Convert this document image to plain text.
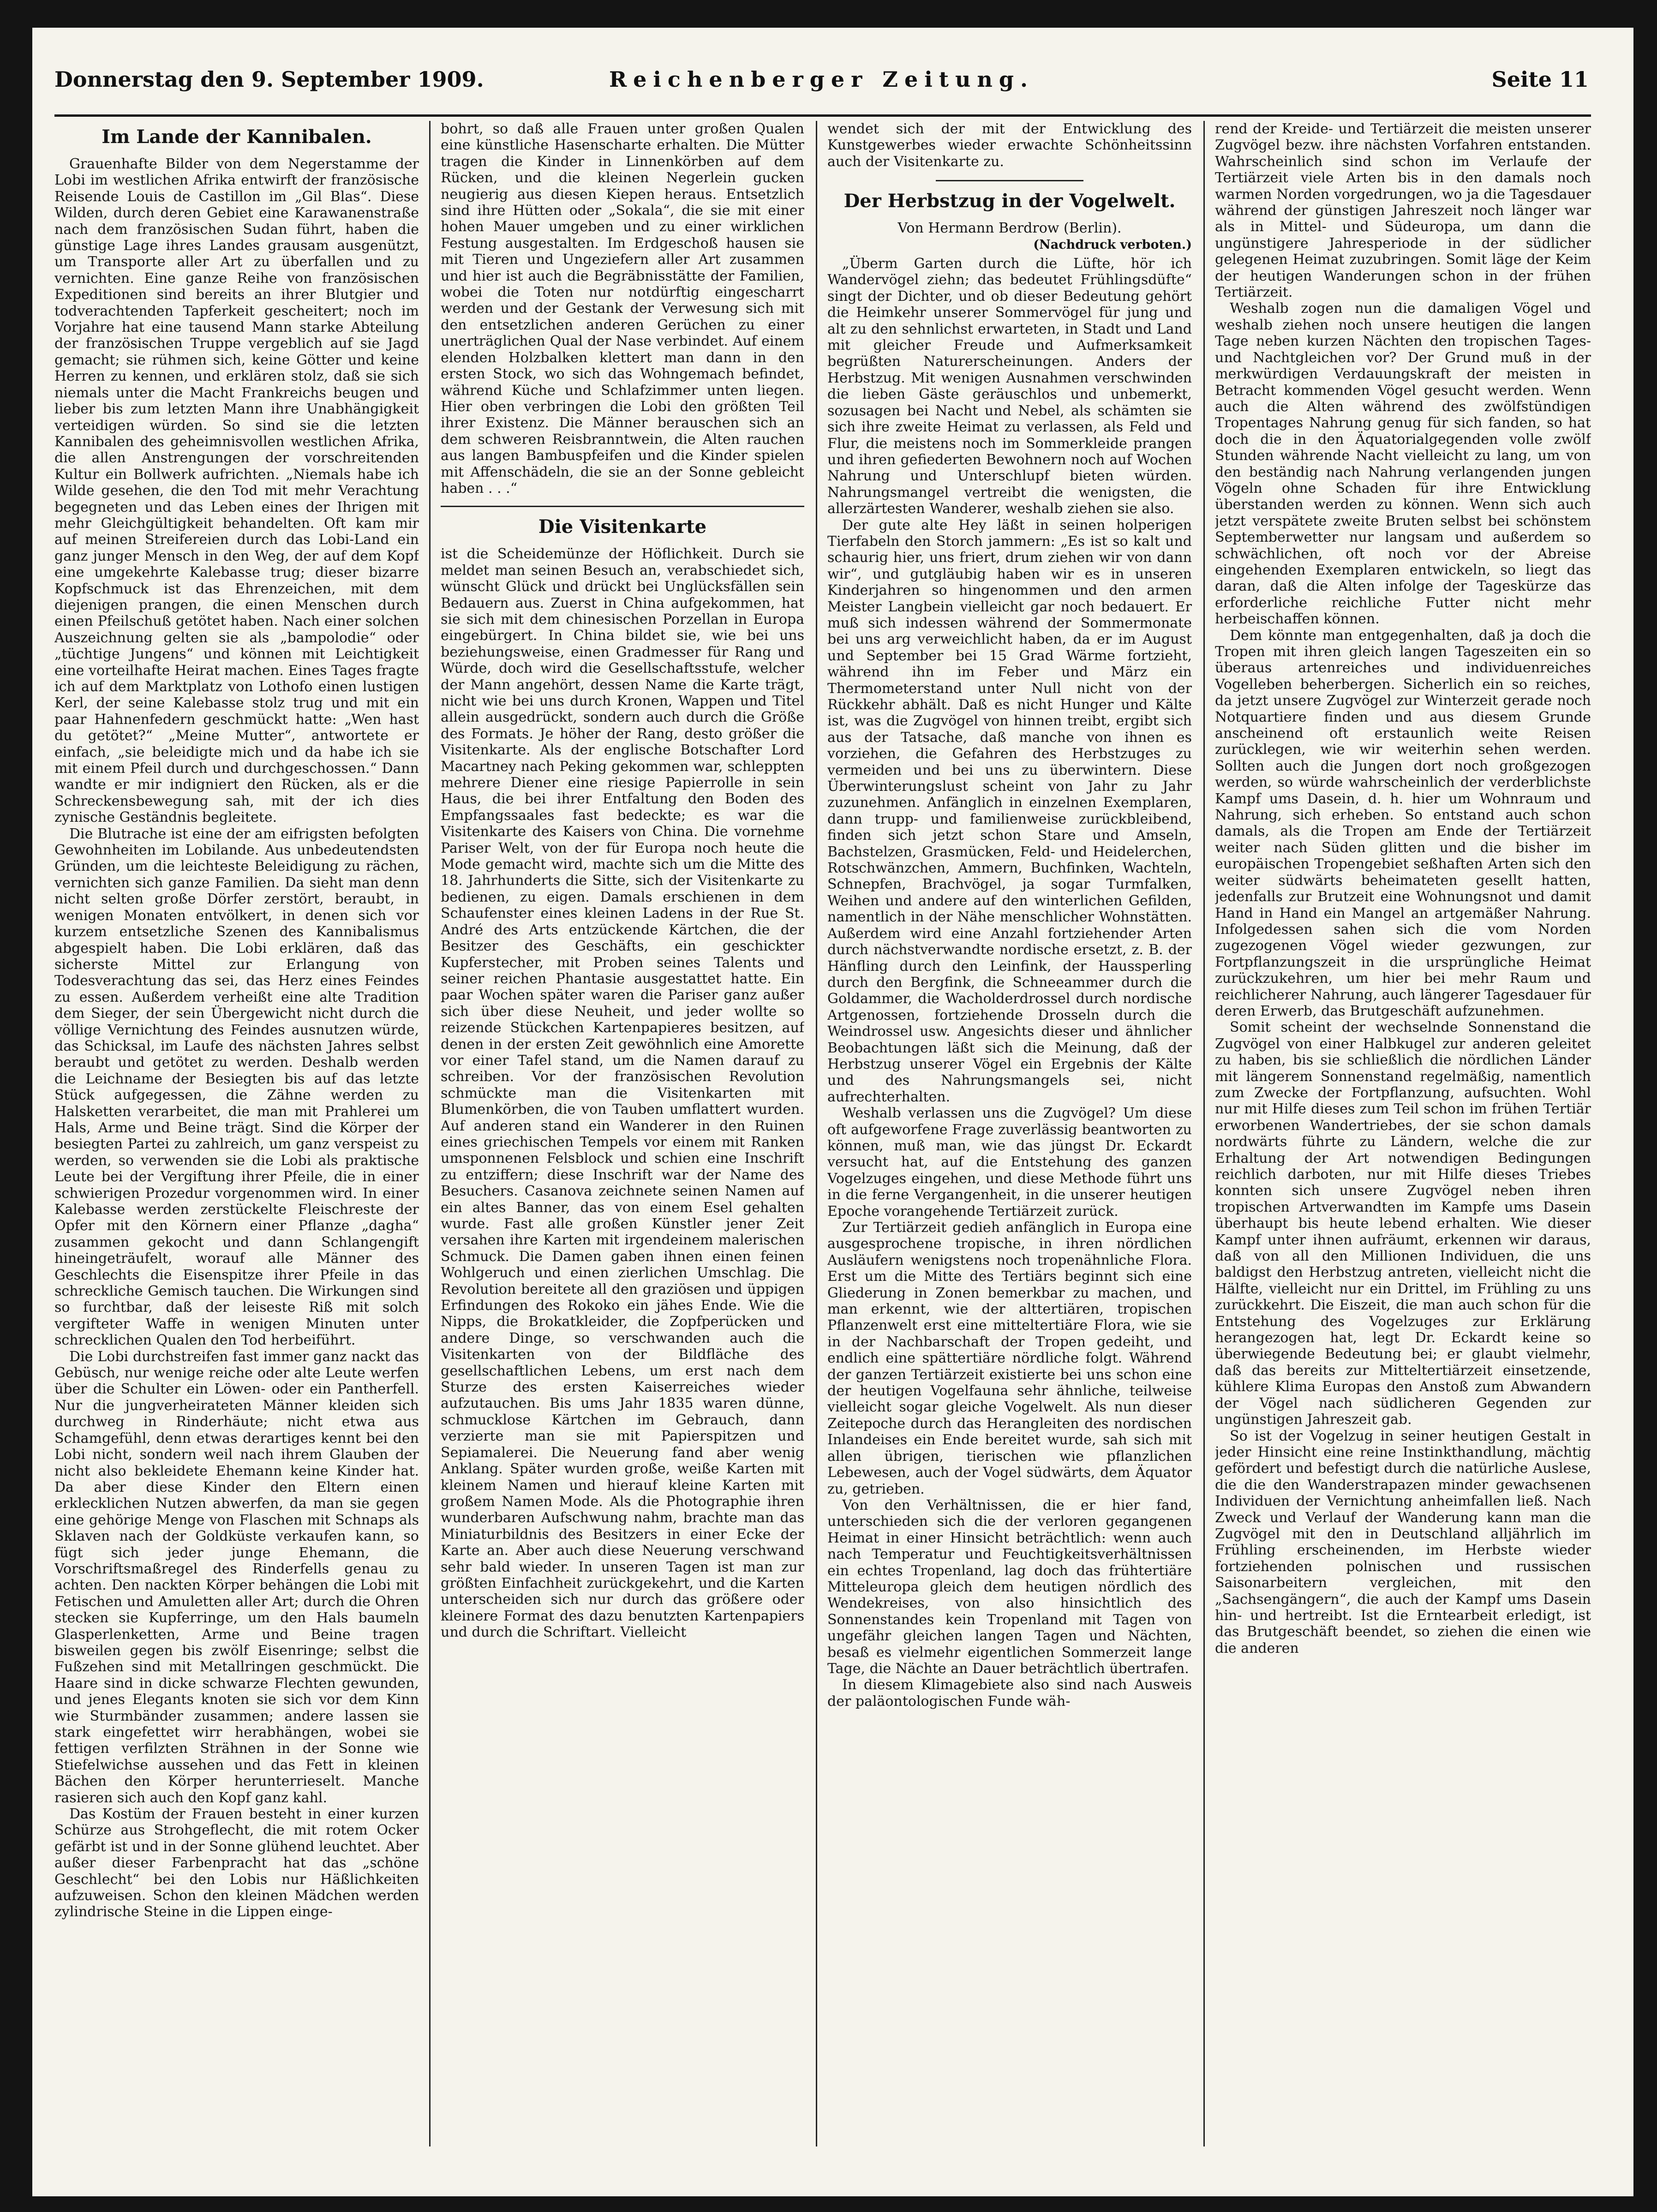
Donnerstag den 9. September 1909.	Reichenberger Zeitung.	Seite 11
Im Lande der Kannibalen.

Grauenhafte Bilder von dem Negerstamme der Lobi im westlichen Afrika entwirft der französische Reisende Louis de Castillon im „Gil Blas“. Diese Wilden, durch deren Gebiet eine Karawanenstraße nach dem französischen Sudan führt, haben die günstige Lage ihres Landes grausam ausgenützt, um Transporte aller Art zu überfallen und zu vernichten. Eine ganze Reihe von französischen Expeditionen sind bereits an ihrer Blutgier und todverachtenden Tapferkeit gescheitert; noch im Vorjahre hat eine tausend Mann starke Abteilung der französischen Truppe vergeblich auf sie Jagd gemacht; sie rühmen sich, keine Götter und keine Herren zu kennen, und erklären stolz, daß sie sich niemals unter die Macht Frankreichs beugen und lieber bis zum letzten Mann ihre Unabhängigkeit verteidigen würden. So sind sie die letzten Kannibalen des geheimnisvollen westlichen Afrika, die allen Anstrengungen der vorschreitenden Kultur ein Bollwerk aufrichten. „Niemals habe ich Wilde gesehen, die den Tod mit mehr Verachtung begegneten und das Leben eines der Ihrigen mit mehr Gleichgültigkeit behandelten. Oft kam mir auf meinen Streifereien durch das Lobi-Land ein ganz junger Mensch in den Weg, der auf dem Kopf eine umgekehrte Kalebasse trug; dieser bizarre Kopfschmuck ist das Ehrenzeichen, mit dem diejenigen prangen, die einen Menschen durch einen Pfeilschuß getötet haben. Nach einer solchen Auszeichnung gelten sie als „bampolodie“ oder „tüchtige Jungens“ und können mit Leichtigkeit eine vorteilhafte Heirat machen. Eines Tages fragte ich auf dem Marktplatz von Lothofo einen lustigen Kerl, der seine Kalebasse stolz trug und mit ein paar Hahnenfedern geschmückt hatte: „Wen hast du getötet?“ „Meine Mutter“, antwortete er einfach, „sie beleidigte mich und da habe ich sie mit einem Pfeil durch und durchgeschossen.“ Dann wandte er mir indigniert den Rücken, als er die Schreckensbewegung sah, mit der ich dies zynische Geständnis begleitete.

Die Blutrache ist eine der am eifrigsten befolgten Gewohnheiten im Lobilande. Aus unbedeutendsten Gründen, um die leichteste Beleidigung zu rächen, vernichten sich ganze Familien. Da sieht man denn nicht selten große Dörfer zerstört, beraubt, in wenigen Monaten entvölkert, in denen sich vor kurzem entsetzliche Szenen des Kannibalismus abgespielt haben. Die Lobi erklären, daß das sicherste Mittel zur Erlangung von Todesverachtung das sei, das Herz eines Feindes zu essen. Außerdem verheißt eine alte Tradition dem Sieger, der sein Übergewicht nicht durch die völlige Vernichtung des Feindes ausnutzen würde, das Schicksal, im Laufe des nächsten Jahres selbst beraubt und getötet zu werden. Deshalb werden die Leichname der Besiegten bis auf das letzte Stück aufgegessen, die Zähne werden zu Halsketten verarbeitet, die man mit Prahlerei um Hals, Arme und Beine trägt. Sind die Körper der besiegten Partei zu zahlreich, um ganz verspeist zu werden, so verwenden sie die Lobi als praktische Leute bei der Vergiftung ihrer Pfeile, die in einer schwierigen Prozedur vorgenommen wird. In einer Kalebasse werden zerstückelte Fleischreste der Opfer mit den Körnern einer Pflanze „dagha“ zusammen gekocht und dann Schlangengift hineingeträufelt, worauf alle Männer des Geschlechts die Eisenspitze ihrer Pfeile in das schreckliche Gemisch tauchen. Die Wirkungen sind so furchtbar, daß der leiseste Riß mit solch vergifteter Waffe in wenigen Minuten unter schrecklichen Qualen den Tod herbeiführt.

Die Lobi durchstreifen fast immer ganz nackt das Gebüsch, nur wenige reiche oder alte Leute werfen über die Schulter ein Löwen- oder ein Pantherfell. Nur die jungverheirateten Männer kleiden sich durchweg in Rinderhäute; nicht etwa aus Schamgefühl, denn etwas derartiges kennt bei den Lobi nicht, sondern weil nach ihrem Glauben der nicht also bekleidete Ehemann keine Kinder hat. Da aber diese Kinder den Eltern einen erklecklichen Nutzen abwerfen, da man sie gegen eine gehörige Menge von Flaschen mit Schnaps als Sklaven nach der Goldküste verkaufen kann, so fügt sich jeder junge Ehemann, die Vorschriftsmaßregel des Rinderfells genau zu achten. Den nackten Körper behängen die Lobi mit Fetischen und Amuletten aller Art; durch die Ohren stecken sie Kupferringe, um den Hals baumeln Glasperlenketten, Arme und Beine tragen bisweilen gegen bis zwölf Eisenringe; selbst die Fußzehen sind mit Metallringen geschmückt. Die Haare sind in dicke schwarze Flechten gewunden, und jenes Elegants knoten sie sich vor dem Kinn wie Sturmbänder zusammen; andere lassen sie stark eingefettet wirr herabhängen, wobei sie fettigen verfilzten Strähnen in der Sonne wie Stiefelwichse aussehen und das Fett in kleinen Bächen den Körper herunterrieselt. Manche rasieren sich auch den Kopf ganz kahl.

Das Kostüm der Frauen besteht in einer kurzen Schürze aus Strohgeflecht, die mit rotem Ocker gefärbt ist und in der Sonne glühend leuchtet. Aber außer dieser Farbenpracht hat das „schöne Geschlecht“ bei den Lobis nur Häßlichkeiten aufzuweisen. Schon den kleinen Mädchen werden zylindrische Steine in die Lippen einge-

bohrt, so daß alle Frauen unter großen Qualen eine künstliche Hasenscharte erhalten. Die Mütter tragen die Kinder in Linnenkörben auf dem Rücken, und die kleinen Negerlein gucken neugierig aus diesen Kiepen heraus. Entsetzlich sind ihre Hütten oder „Sokala“, die sie mit einer hohen Mauer umgeben und zu einer wirklichen Festung ausgestalten. Im Erdgeschoß hausen sie mit Tieren und Ungeziefern aller Art zusammen und hier ist auch die Begräbnisstätte der Familien, wobei die Toten nur notdürftig eingescharrt werden und der Gestank der Verwesung sich mit den entsetzlichen anderen Gerüchen zu einer unerträglichen Qual der Nase verbindet. Auf einem elenden Holzbalken klettert man dann in den ersten Stock, wo sich das Wohngemach befindet, während Küche und Schlafzimmer unten liegen. Hier oben verbringen die Lobi den größten Teil ihrer Existenz. Die Männer berauschen sich an dem schweren Reisbranntwein, die Alten rauchen aus langen Bambuspfeifen und die Kinder spielen mit Affenschädeln, die sie an der Sonne gebleicht haben . . .“

Die Visitenkarte

ist die Scheidemünze der Höflichkeit. Durch sie meldet man seinen Besuch an, verabschiedet sich, wünscht Glück und drückt bei Unglücksfällen sein Bedauern aus. Zuerst in China aufgekommen, hat sie sich mit dem chinesischen Porzellan in Europa eingebürgert. In China bildet sie, wie bei uns beziehungsweise, einen Gradmesser für Rang und Würde, doch wird die Gesellschaftsstufe, welcher der Mann angehört, dessen Name die Karte trägt, nicht wie bei uns durch Kronen, Wappen und Titel allein ausgedrückt, sondern auch durch die Größe des Formats. Je höher der Rang, desto größer die Visitenkarte. Als der englische Botschafter Lord Macartney nach Peking gekommen war, schleppten mehrere Diener eine riesige Papierrolle in sein Haus, die bei ihrer Entfaltung den Boden des Empfangssaales fast bedeckte; es war die Visitenkarte des Kaisers von China. Die vornehme Pariser Welt, von der für Europa noch heute die Mode gemacht wird, machte sich um die Mitte des 18. Jahrhunderts die Sitte, sich der Visitenkarte zu bedienen, zu eigen. Damals erschienen in dem Schaufenster eines kleinen Ladens in der Rue St. André des Arts entzückende Kärtchen, die der Besitzer des Geschäfts, ein geschickter Kupferstecher, mit Proben seines Talents und seiner reichen Phantasie ausgestattet hatte. Ein paar Wochen später waren die Pariser ganz außer sich über diese Neuheit, und jeder wollte so reizende Stückchen Kartenpapieres besitzen, auf denen in der ersten Zeit gewöhnlich eine Amorette vor einer Tafel stand, um die Namen darauf zu schreiben. Vor der französischen Revolution schmückte man die Visitenkarten mit Blumenkörben, die von Tauben umflattert wurden. Auf anderen stand ein Wanderer in den Ruinen eines griechischen Tempels vor einem mit Ranken umsponnenen Felsblock und schien eine Inschrift zu entziffern; diese Inschrift war der Name des Besuchers. Casanova zeichnete seinen Namen auf ein altes Banner, das von einem Esel gehalten wurde. Fast alle großen Künstler jener Zeit versahen ihre Karten mit irgendeinem malerischen Schmuck. Die Damen gaben ihnen einen feinen Wohlgeruch und einen zierlichen Umschlag. Die Revolution bereitete all den graziösen und üppigen Erfindungen des Rokoko ein jähes Ende. Wie die Nipps, die Brokatkleider, die Zopfperücken und andere Dinge, so verschwanden auch die Visitenkarten von der Bildfläche des gesellschaftlichen Lebens, um erst nach dem Sturze des ersten Kaiserreiches wieder aufzutauchen. Bis ums Jahr 1835 waren dünne, schmucklose Kärtchen im Gebrauch, dann verzierte man sie mit Papierspitzen und Sepiamalerei. Die Neuerung fand aber wenig Anklang. Später wurden große, weiße Karten mit kleinem Namen und hierauf kleine Karten mit großem Namen Mode. Als die Photographie ihren wunderbaren Aufschwung nahm, brachte man das Miniaturbildnis des Besitzers in einer Ecke der Karte an. Aber auch diese Neuerung verschwand sehr bald wieder. In unseren Tagen ist man zur größten Einfachheit zurückgekehrt, und die Karten unterscheiden sich nur durch das größere oder kleinere Format des dazu benutzten Kartenpapiers und durch die Schriftart. Vielleicht

wendet sich der mit der Entwicklung des Kunstgewerbes wieder erwachte Schönheitssinn auch der Visitenkarte zu.

Der Herbstzug in der Vogelwelt.

Von Hermann Berdrow (Berlin).

(Nachdruck verboten.)

„Überm Garten durch die Lüfte, hör ich Wandervögel ziehn; das bedeutet Frühlingsdüfte“ singt der Dichter, und ob dieser Bedeutung gehört die Heimkehr unserer Sommervögel für jung und alt zu den sehnlichst erwarteten, in Stadt und Land mit gleicher Freude und Aufmerksamkeit begrüßten Naturerscheinungen. Anders der Herbstzug. Mit wenigen Ausnahmen verschwinden die lieben Gäste geräuschlos und unbemerkt, sozusagen bei Nacht und Nebel, als schämten sie sich ihre zweite Heimat zu verlassen, als Feld und Flur, die meistens noch im Sommerkleide prangen und ihren gefiederten Bewohnern noch auf Wochen Nahrung und Unterschlupf bieten würden. Nahrungsmangel vertreibt die wenigsten, die allerzärtesten Wanderer, weshalb ziehen sie also.

Der gute alte Hey läßt in seinen holperigen Tierfabeln den Storch jammern: „Es ist so kalt und schaurig hier, uns friert, drum ziehen wir von dann wir“, und gutgläubig haben wir es in unseren Kinderjahren so hingenommen und den armen Meister Langbein vielleicht gar noch bedauert. Er muß sich indessen während der Sommermonate bei uns arg verweichlicht haben, da er im August und September bei 15 Grad Wärme fortzieht, während ihn im Feber und März ein Thermometerstand unter Null nicht von der Rückkehr abhält. Daß es nicht Hunger und Kälte ist, was die Zugvögel von hinnen treibt, ergibt sich aus der Tatsache, daß manche von ihnen es vorziehen, die Gefahren des Herbstzuges zu vermeiden und bei uns zu überwintern. Diese Überwinterungslust scheint von Jahr zu Jahr zuzunehmen. Anfänglich in einzelnen Exemplaren, dann trupp- und familienweise zurückbleibend, finden sich jetzt schon Stare und Amseln, Bachstelzen, Grasmücken, Feld- und Heidelerchen, Rotschwänzchen, Ammern, Buchfinken, Wachteln, Schnepfen, Brachvögel, ja sogar Turmfalken, Weihen und andere auf den winterlichen Gefilden, namentlich in der Nähe menschlicher Wohnstätten. Außerdem wird eine Anzahl fortziehender Arten durch nächstverwandte nordische ersetzt, z. B. der Hänfling durch den Leinfink, der Haussperling durch den Bergfink, die Schneeammer durch die Goldammer, die Wacholderdrossel durch nordische Artgenossen, fortziehende Drosseln durch die Weindrossel usw. Angesichts dieser und ähnlicher Beobachtungen läßt sich die Meinung, daß der Herbstzug unserer Vögel ein Ergebnis der Kälte und des Nahrungsmangels sei, nicht aufrechterhalten.

Weshalb verlassen uns die Zugvögel? Um diese oft aufgeworfene Frage zuverlässig beantworten zu können, muß man, wie das jüngst Dr. Eckardt versucht hat, auf die Entstehung des ganzen Vogelzuges eingehen, und diese Methode führt uns in die ferne Vergangenheit, in die unserer heutigen Epoche vorangehende Tertiärzeit zurück.

Zur Tertiärzeit gedieh anfänglich in Europa eine ausgesprochene tropische, in ihren nördlichen Ausläufern wenigstens noch tropenähnliche Flora. Erst um die Mitte des Tertiärs beginnt sich eine Gliederung in Zonen bemerkbar zu machen, und man erkennt, wie der alttertiären, tropischen Pflanzenwelt erst eine mitteltertiäre Flora, wie sie in der Nachbarschaft der Tropen gedeiht, und endlich eine spättertiäre nördliche folgt. Während der ganzen Tertiärzeit existierte bei uns schon eine der heutigen Vogelfauna sehr ähnliche, teilweise vielleicht sogar gleiche Vogelwelt. Als nun dieser Zeitepoche durch das Herangleiten des nordischen Inlandeises ein Ende bereitet wurde, sah sich mit allen übrigen, tierischen wie pflanzlichen Lebewesen, auch der Vogel südwärts, dem Äquator zu, getrieben.

Von den Verhältnissen, die er hier fand, unterschieden sich die der verloren gegangenen Heimat in einer Hinsicht beträchtlich: wenn auch nach Temperatur und Feuchtigkeitsverhältnissen ein echtes Tropenland, lag doch das frühtertiäre Mitteleuropa gleich dem heutigen nördlich des Wendekreises, von also hinsichtlich des Sonnenstandes kein Tropenland mit Tagen von ungefähr gleichen langen Tagen und Nächten, besaß es vielmehr eigentlichen Sommerzeit lange Tage, die Nächte an Dauer beträchtlich übertrafen.

In diesem Klimagebiete also sind nach Ausweis der paläontologischen Funde wäh-

rend der Kreide- und Tertiärzeit die meisten unserer Zugvögel bezw. ihre nächsten Vorfahren entstanden. Wahrscheinlich sind schon im Verlaufe der Tertiärzeit viele Arten bis in den damals noch warmen Norden vorgedrungen, wo ja die Tagesdauer während der günstigen Jahreszeit noch länger war als in Mittel- und Südeuropa, um dann die ungünstigere Jahresperiode in der südlicher gelegenen Heimat zuzubringen. Somit läge der Keim der heutigen Wanderungen schon in der frühen Tertiärzeit.

Weshalb zogen nun die damaligen Vögel und weshalb ziehen noch unsere heutigen die langen Tage neben kurzen Nächten den tropischen Tages- und Nachtgleichen vor? Der Grund muß in der merkwürdigen Verdauungskraft der meisten in Betracht kommenden Vögel gesucht werden. Wenn auch die Alten während des zwölfstündigen Tropentages Nahrung genug für sich fanden, so hat doch die in den Äquatorialgegenden volle zwölf Stunden währende Nacht vielleicht zu lang, um von den beständig nach Nahrung verlangenden jungen Vögeln ohne Schaden für ihre Entwicklung überstanden werden zu können. Wenn sich auch jetzt verspätete zweite Bruten selbst bei schönstem Septemberwetter nur langsam und außerdem so schwächlichen, oft noch vor der Abreise eingehenden Exemplaren entwickeln, so liegt das daran, daß die Alten infolge der Tageskürze das erforderliche reichliche Futter nicht mehr herbeischaffen können.

Dem könnte man entgegenhalten, daß ja doch die Tropen mit ihren gleich langen Tageszeiten ein so überaus artenreiches und individuenreiches Vogelleben beherbergen. Sicherlich ein so reiches, da jetzt unsere Zugvögel zur Winterzeit gerade noch Notquartiere finden und aus diesem Grunde anscheinend oft erstaunlich weite Reisen zurücklegen, wie wir weiterhin sehen werden. Sollten auch die Jungen dort noch großgezogen werden, so würde wahrscheinlich der verderblichste Kampf ums Dasein, d. h. hier um Wohnraum und Nahrung, sich erheben. So entstand auch schon damals, als die Tropen am Ende der Tertiärzeit weiter nach Süden glitten und die bisher im europäischen Tropengebiet seßhaften Arten sich den weiter südwärts beheimateten gesellt hatten, jedenfalls zur Brutzeit eine Wohnungsnot und damit Hand in Hand ein Mangel an artgemäßer Nahrung. Infolgedessen sahen sich die vom Norden zugezogenen Vögel wieder gezwungen, zur Fortpflanzungszeit in die ursprüngliche Heimat zurückzukehren, um hier bei mehr Raum und reichlicherer Nahrung, auch längerer Tagesdauer für deren Erwerb, das Brutgeschäft aufzunehmen.

Somit scheint der wechselnde Sonnenstand die Zugvögel von einer Halbkugel zur anderen geleitet zu haben, bis sie schließlich die nördlichen Länder mit längerem Sonnenstand regelmäßig, namentlich zum Zwecke der Fortpflanzung, aufsuchten. Wohl nur mit Hilfe dieses zum Teil schon im frühen Tertiär erworbenen Wandertriebes, der sie schon damals nordwärts führte zu Ländern, welche die zur Erhaltung der Art notwendigen Bedingungen reichlich darboten, nur mit Hilfe dieses Triebes konnten sich unsere Zugvögel neben ihren tropischen Artverwandten im Kampfe ums Dasein überhaupt bis heute lebend erhalten. Wie dieser Kampf unter ihnen aufräumt, erkennen wir daraus, daß von all den Millionen Individuen, die uns baldigst den Herbstzug antreten, vielleicht nicht die Hälfte, vielleicht nur ein Drittel, im Frühling zu uns zurückkehrt. Die Eiszeit, die man auch schon für die Entstehung des Vogelzuges zur Erklärung herangezogen hat, legt Dr. Eckardt keine so überwiegende Bedeutung bei; er glaubt vielmehr, daß das bereits zur Mitteltertiärzeit einsetzende, kühlere Klima Europas den Anstoß zum Abwandern der Vögel nach südlicheren Gegenden zur ungünstigen Jahreszeit gab.

So ist der Vogelzug in seiner heutigen Gestalt in jeder Hinsicht eine reine Instinkthandlung, mächtig gefördert und befestigt durch die natürliche Auslese, die die den Wanderstrapazen minder gewachsenen Individuen der Vernichtung anheimfallen ließ. Nach Zweck und Verlauf der Wanderung kann man die Zugvögel mit den in Deutschland alljährlich im Frühling erscheinenden, im Herbste wieder fortziehenden polnischen und russischen Saisonarbeitern vergleichen, mit den „Sachsengängern“, die auch der Kampf ums Dasein hin- und hertreibt. Ist die Erntearbeit erledigt, ist das Brutgeschäft beendet, so ziehen die einen wie die anderen
